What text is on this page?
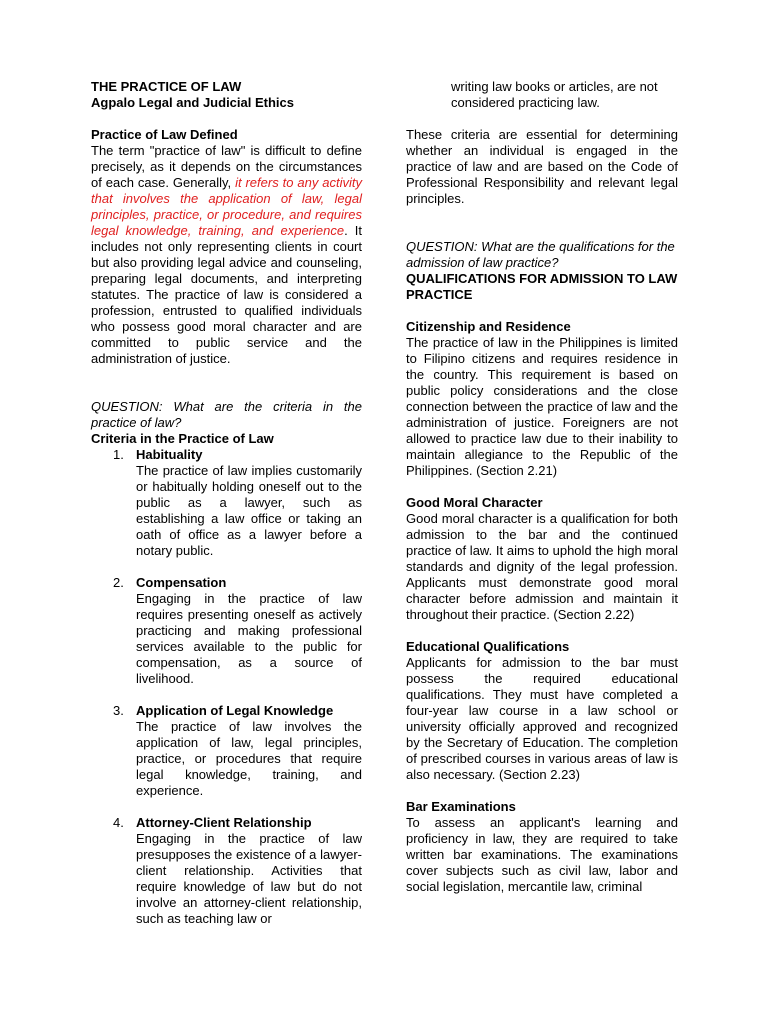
THE PRACTICE OF LAW

Agpalo Legal and Judicial Ethics

Practice of Law Defined

The term "practice of law" is difficult to define precisely, as it depends on the circumstances of each case. Generally, it refers to any activity that involves the application of law, legal principles, practice, or procedure, and requires legal knowledge, training, and experience. It includes not only representing clients in court but also providing legal advice and counseling, preparing legal documents, and interpreting statutes. The practice of law is considered a profession, entrusted to qualified individuals who possess good moral character and are committed to public service and the administration of justice.

QUESTION: What are the criteria in the practice of law?

Criteria in the Practice of Law

1. Habituality

The practice of law implies customarily or habitually holding oneself out to the public as a lawyer, such as establishing a law office or taking an oath of office as a lawyer before a notary public.

2. Compensation

Engaging in the practice of law requires presenting oneself as actively practicing and making professional services available to the public for compensation, as a source of livelihood.

3. Application of Legal Knowledge

The practice of law involves the application of law, legal principles, practice, or procedures that require legal knowledge, training, and experience.

4. Attorney-Client Relationship

Engaging in the practice of law presupposes the existence of a lawyer-client relationship. Activities that require knowledge of law but do not involve an attorney-client relationship, such as teaching law or

writing law books or articles, are not considered practicing law.

These criteria are essential for determining whether an individual is engaged in the practice of law and are based on the Code of Professional Responsibility and relevant legal principles.

QUESTION: What are the qualifications for the admission of law practice?

QUALIFICATIONS FOR ADMISSION TO LAW PRACTICE

Citizenship and Residence

The practice of law in the Philippines is limited to Filipino citizens and requires residence in the country. This requirement is based on public policy considerations and the close connection between the practice of law and the administration of justice. Foreigners are not allowed to practice law due to their inability to maintain allegiance to the Republic of the Philippines. (Section 2.21)

Good Moral Character

Good moral character is a qualification for both admission to the bar and the continued practice of law. It aims to uphold the high moral standards and dignity of the legal profession. Applicants must demonstrate good moral character before admission and maintain it throughout their practice. (Section 2.22)

Educational Qualifications

Applicants for admission to the bar must possess the required educational qualifications. They must have completed a four-year law course in a law school or university officially approved and recognized by the Secretary of Education. The completion of prescribed courses in various areas of law is also necessary. (Section 2.23)

Bar Examinations

To assess an applicant's learning and proficiency in law, they are required to take written bar examinations. The examinations cover subjects such as civil law, labor and social legislation, mercantile law, criminal
